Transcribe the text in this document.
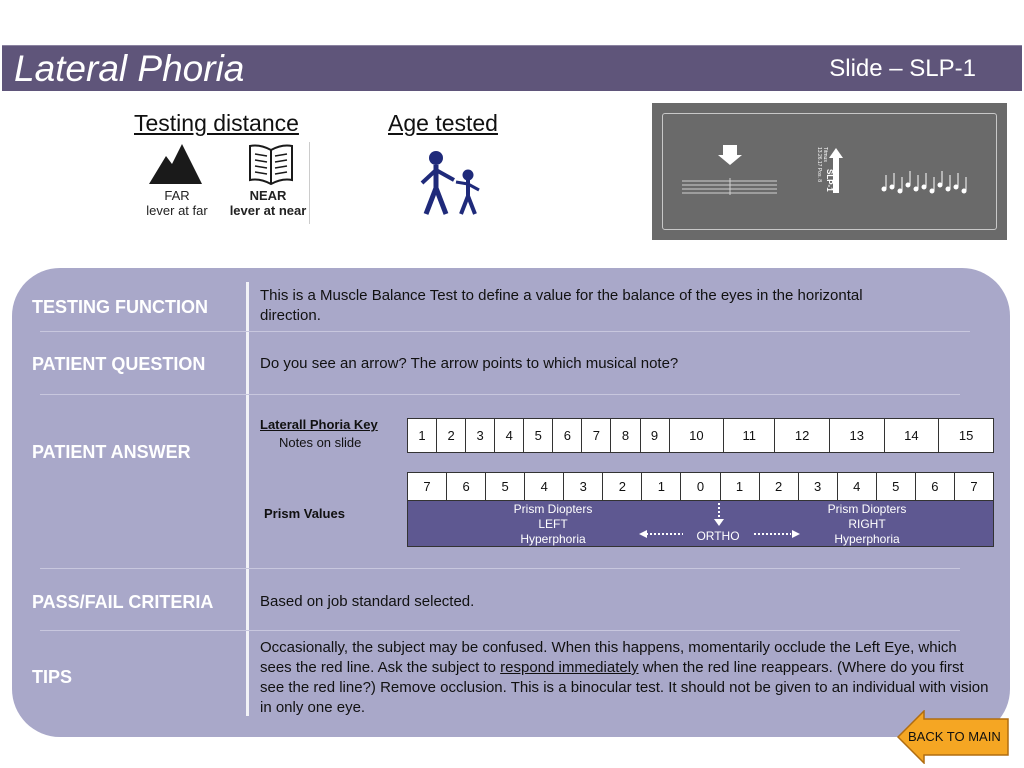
Lateral Phoria	Slide – SLP-1
Testing distance	Age tested
FAR
lever at far
NEAR
lever at near
SLP-1
13.26.17 Pos. 8 Titmus
TESTING FUNCTION
This is a Muscle Balance Test to define a value for the balance of the eyes in the horizontal direction.
PATIENT QUESTION	Do you see an arrow? The arrow points to which musical note?
PATIENT ANSWER
Laterall Phoria Key
Notes on slide
Prism Values
1	2	3	4	5	6	7	8	9	10	11	12	13	14	15
7	6	5	4	3	2	1	0	1	2	3	4	5	6	7
Prism Diopters
LEFT
Hyperphoria
Prism Diopters
RIGHT
Hyperphoria
ORTHO
PASS/FAIL CRITERIA	Based on job standard selected.
TIPS
Occasionally, the subject may be confused. When this happens, momentarily occlude the Left Eye, which sees the red line. Ask the subject to respond immediately when the red line reappears. (Where do you first see the red line?) Remove occlusion. This is a binocular test. It should not be given to an individual with vision in only one eye.
BACK TO MAIN
